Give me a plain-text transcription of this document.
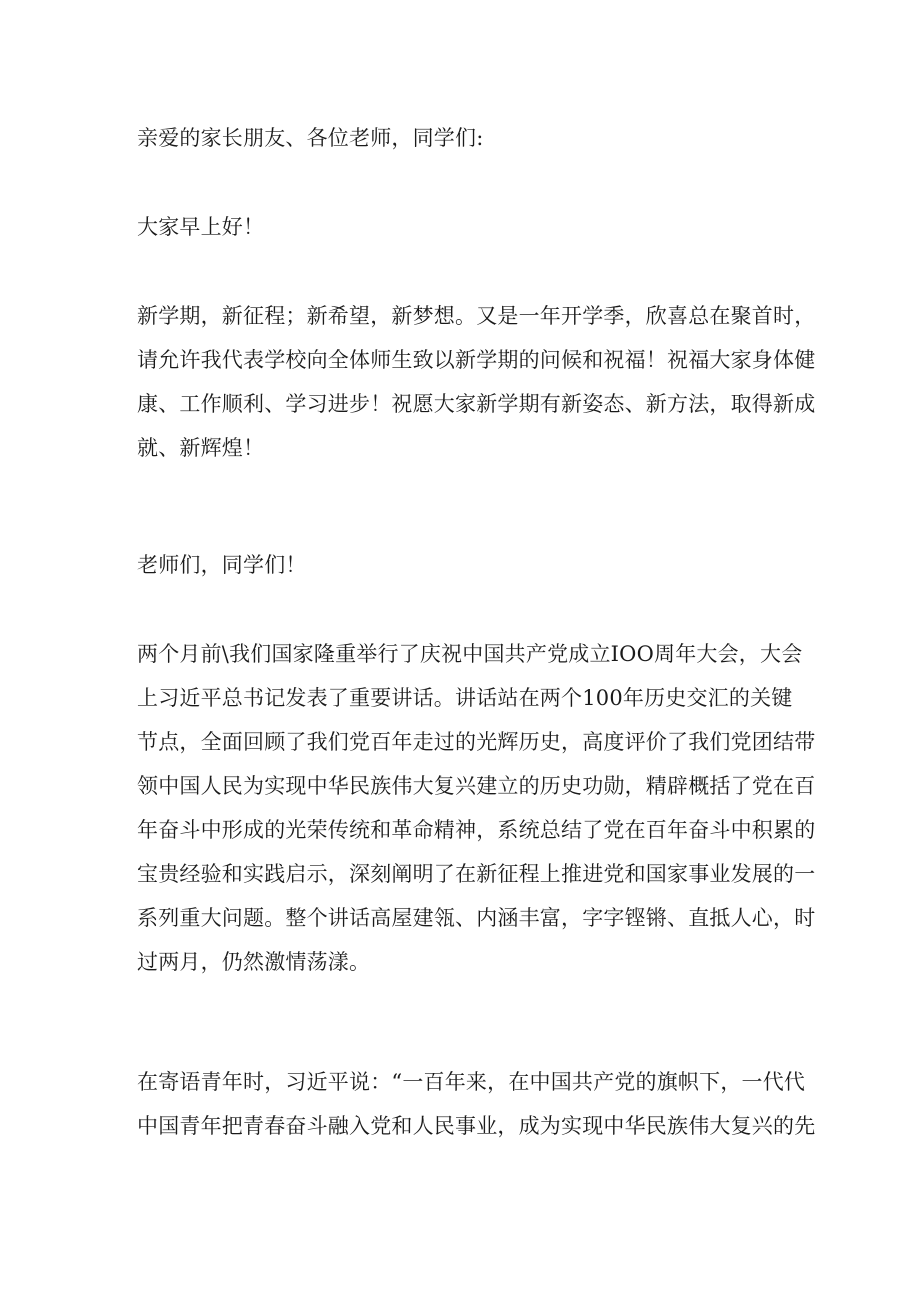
亲爱的家长朋友、各位老师，同学们:

大家早上好！

新学期，新征程；新希望，新梦想。又是一年开学季，欣喜总在聚首时，
请允许我代表学校向全体师生致以新学期的问候和祝福！祝福大家身体健
康、工作顺利、学习进步！祝愿大家新学期有新姿态、新方法，取得新成
就、新辉煌！

老师们，同学们！

两个月前\我们国家隆重举行了庆祝中国共产党成立IOO周年大会，大会
上习近平总书记发表了重要讲话。讲话站在两个100年历史交汇的关键
节点，全面回顾了我们党百年走过的光辉历史，高度评价了我们党团结带
领中国人民为实现中华民族伟大复兴建立的历史功勋，精辟概括了党在百
年奋斗中形成的光荣传统和革命精神，系统总结了党在百年奋斗中积累的
宝贵经验和实践启示，深刻阐明了在新征程上推进党和国家事业发展的一
系列重大问题。整个讲话高屋建瓴、内涵丰富，字字铿锵、直抵人心，时
过两月，仍然激情荡漾。

在寄语青年时，习近平说：“一百年来，在中国共产党的旗帜下，一代代
中国青年把青春奋斗融入党和人民事业，成为实现中华民族伟大复兴的先
